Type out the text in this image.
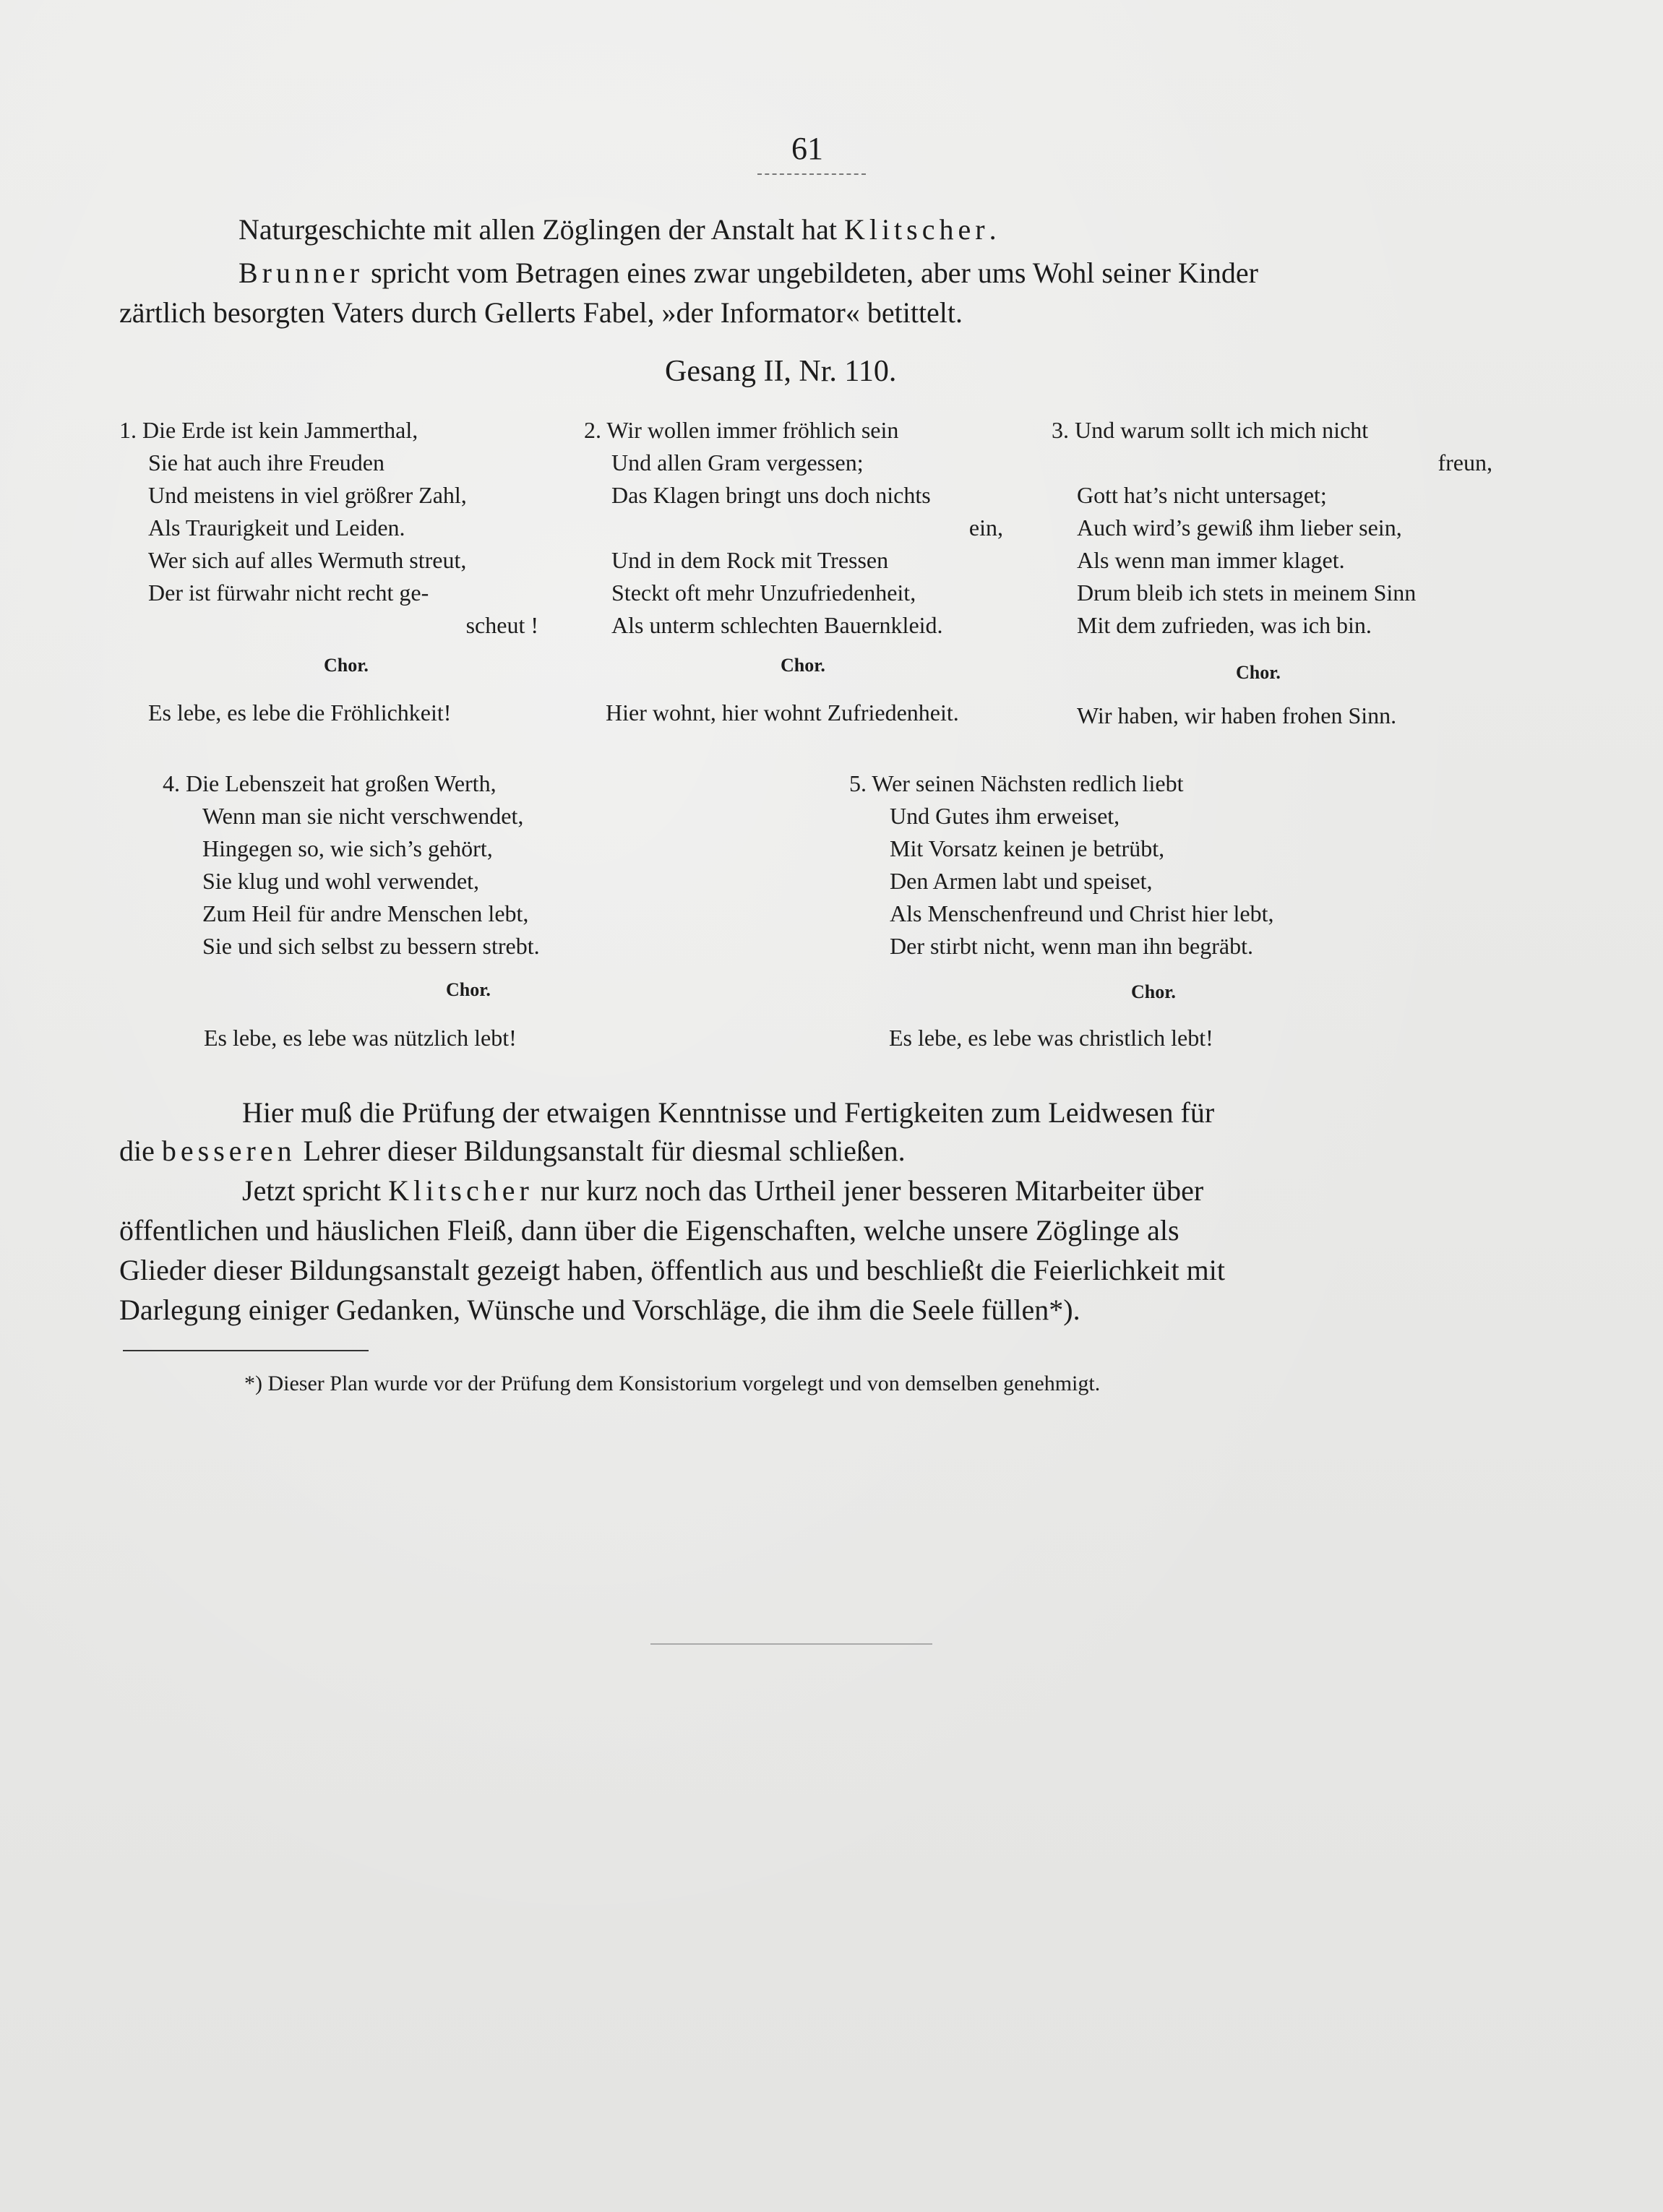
61
Naturgeschichte mit allen Zöglingen der Anstalt hat Klitscher.
Brunner spricht vom Betragen eines zwar ungebildeten, aber ums Wohl seiner Kinder
zärtlich besorgten Vaters durch Gellerts Fabel, »der Informator« betittelt.
Gesang II, Nr. 110.
1. Die Erde ist kein Jammerthal,
Sie hat auch ihre Freuden
Und meistens in viel größrer Zahl,
Als Traurigkeit und Leiden.
Wer sich auf alles Wermuth streut,
Der ist fürwahr nicht recht ge-
scheut !
Chor.
Es lebe, es lebe die Fröhlichkeit!
2. Wir wollen immer fröhlich sein
Und allen Gram vergessen;
Das Klagen bringt uns doch nichts
ein,
Und in dem Rock mit Tressen
Steckt oft mehr Unzufriedenheit,
Als unterm schlechten Bauernkleid.
Chor.
Hier wohnt, hier wohnt Zufriedenheit.
3. Und warum sollt ich mich nicht
freun,
Gott hat’s nicht untersaget;
Auch wird’s gewiß ihm lieber sein,
Als wenn man immer klaget.
Drum bleib ich stets in meinem Sinn
Mit dem zufrieden, was ich bin.
Chor.
Wir haben, wir haben frohen Sinn.
4. Die Lebenszeit hat großen Werth,
Wenn man sie nicht verschwendet,
Hingegen so, wie sich’s gehört,
Sie klug und wohl verwendet,
Zum Heil für andre Menschen lebt,
Sie und sich selbst zu bessern strebt.
Chor.
Es lebe, es lebe was nützlich lebt!
5. Wer seinen Nächsten redlich liebt
Und Gutes ihm erweiset,
Mit Vorsatz keinen je betrübt,
Den Armen labt und speiset,
Als Menschenfreund und Christ hier lebt,
Der stirbt nicht, wenn man ihn begräbt.
Chor.
Es lebe, es lebe was christlich lebt!
Hier muß die Prüfung der etwaigen Kenntnisse und Fertigkeiten zum Leidwesen für
die besseren Lehrer dieser Bildungsanstalt für diesmal schließen.
Jetzt spricht Klitscher nur kurz noch das Urtheil jener besseren Mitarbeiter über
öffentlichen und häuslichen Fleiß, dann über die Eigenschaften, welche unsere Zöglinge als
Glieder dieser Bildungsanstalt gezeigt haben, öffentlich aus und beschließt die Feierlichkeit mit
Darlegung einiger Gedanken, Wünsche und Vorschläge, die ihm die Seele füllen*).
*) Dieser Plan wurde vor der Prüfung dem Konsistorium vorgelegt und von demselben genehmigt.
